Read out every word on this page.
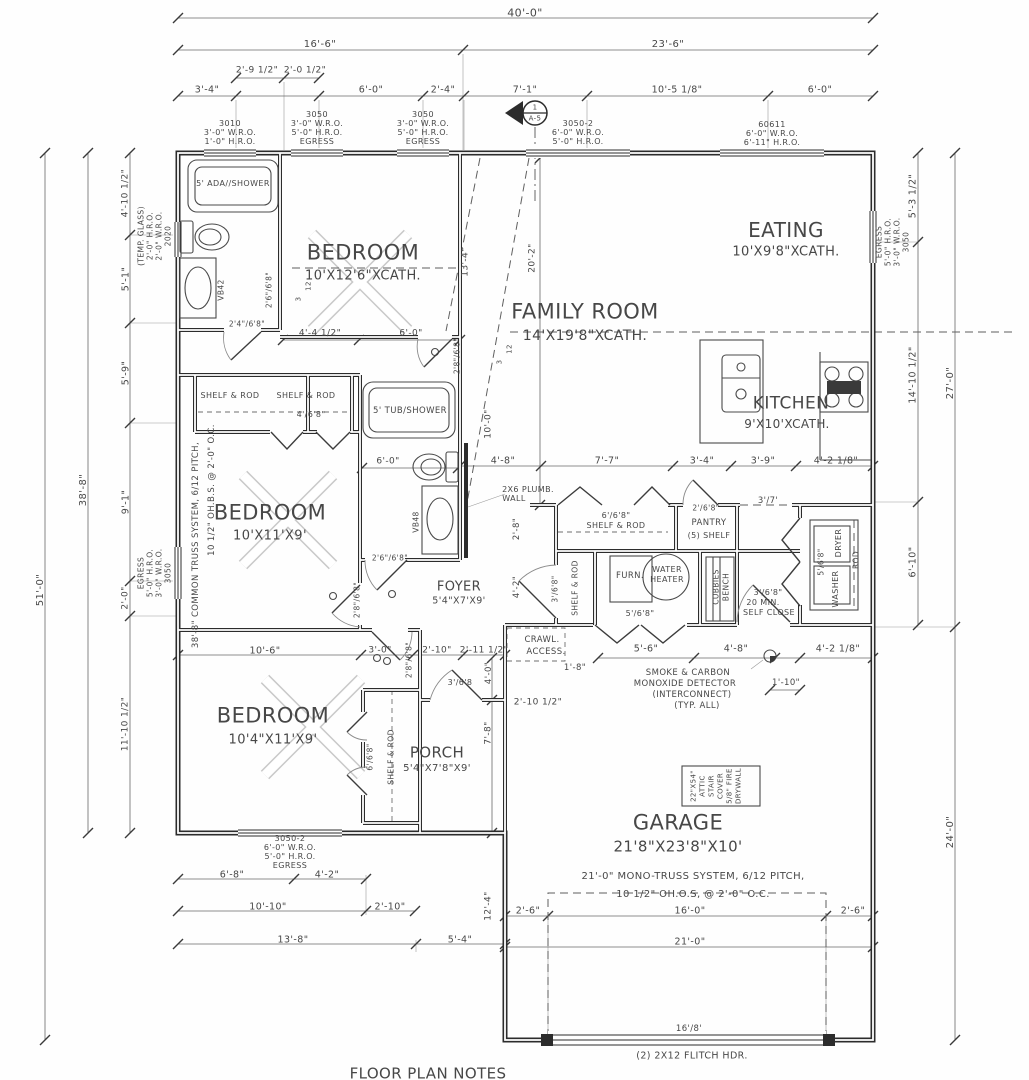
40'-0"
16'-6"	23'-6"
2'-9 1/2" 2'-0 1/2"
3'-4"	6'-0"	2'-4"	7'-1"	10'-5 1/8"	6'-0"
3010
3'-0" W.R.O.
1'-0" H.R.O.
3050
3'-0" W.R.O.
5'-0" H.R.O.
EGRESS
3050
3'-0" W.R.O.
5'-0" H.R.O.
EGRESS
3050-2
6'-0" W.R.O.
5'-0" H.R.O.
60611
6'-0" W.R.O.
6'-11" H.R.O.
1
A-5
51'-0"
38'-8"
4'-10 1/2"
5'-1"
5'-9"
9'-1"
2'-0"
11'-10 1/2"
(TEMP. GLASS) 2'-0" H.R.O. 2'-0" W.R.O. 2020
EGRESS 5'-0" H.R.O. 3'-0" W.R.O. 3050
5'-3 1/2"
EGRESS 5'-0" H.R.O. 3'-0" W.R.O. 3050
14'-10 1/2"	27'-0"
6'-10"
24'-0"
BEDROOM
10'X12'6"XCATH.
FAMILY ROOM
14'X19'8"XCATH.
EATING
10'X9'8"XCATH.
KITCHEN
9'X10'XCATH.
BEDROOM
10'X11'X9'
BEDROOM
10'4"X11'X9'
FOYER
5'4"X7'X9'
PORCH
5'4"X7'8"X9'
GARAGE
21'8"X23'8"X10'
5' ADA//SHOWER
VB42
2'4"/6'8"
2'6"/6'8"
2'8"/6'8"
4'-4 1/2"	6'-0"
13'-4"	20'-2"
12
3
12
3
SHELF & ROD SHELF & ROD
4'/6'8"	5' TUB/SHOWER
6'-0"
VB48
10'-0"
2'6"/6'8"
2'8"/6'8"
38'-8" COMMON TRUSS SYSTEM, 6/12 PITCH, 10 1/2" OH.B.S. @ 2'-0" O.C.	2X6 PLUMB.
WALL
4'-8"	7'-7"	3'-4"	3'-9"	4'-2 1/8"
2'-8"
4'-2"
6'/6'8"
SHELF & ROD
2'/6'8"
PANTRY
(5) SHELF
3'/7'
3'/6'8" SHELF & ROD	FURN.
WATER
HEATER
5'/6'8"
CUBBIES BENCH	3'/6'8"
20 MIN.
SELF CLOSE
WASHER
DRYER
5'/6'8"	ROD
CRAWL.
ACCESS.
1'-8"
2'-10 1/2"
10'-6"	3'-0"	2'-10" 2'-11 1/2"
4'-0"
7'-8"
2'8"/6'8"
3'/6'8
6'/6'8" SHELF & ROD
5'-6"	4'-8"	4'-2 1/8"
SMOKE & CARBON
MONOXIDE DETECTOR
(INTERCONNECT)
(TYP. ALL)
1'-10"
21'-0" MONO-TRUSS SYSTEM, 6/12 PITCH,
10 1/2" OH.O.S, @ 2'-0" O.C.
2'-6"	16'-0"	2'-6"
21'-0"
16'/8'
(2) 2X12 FLITCH HDR.
22"X54" ATTIC STAIR COVER 5/8" FIRE DRYWALL
3050-2
6'-0" W.R.O.
5'-0" H.R.O.
EGRESS
6'-8"	4'-2"
10'-10"	2'-10"
13'-8"	5'-4"
12'-4"
FLOOR PLAN NOTES
